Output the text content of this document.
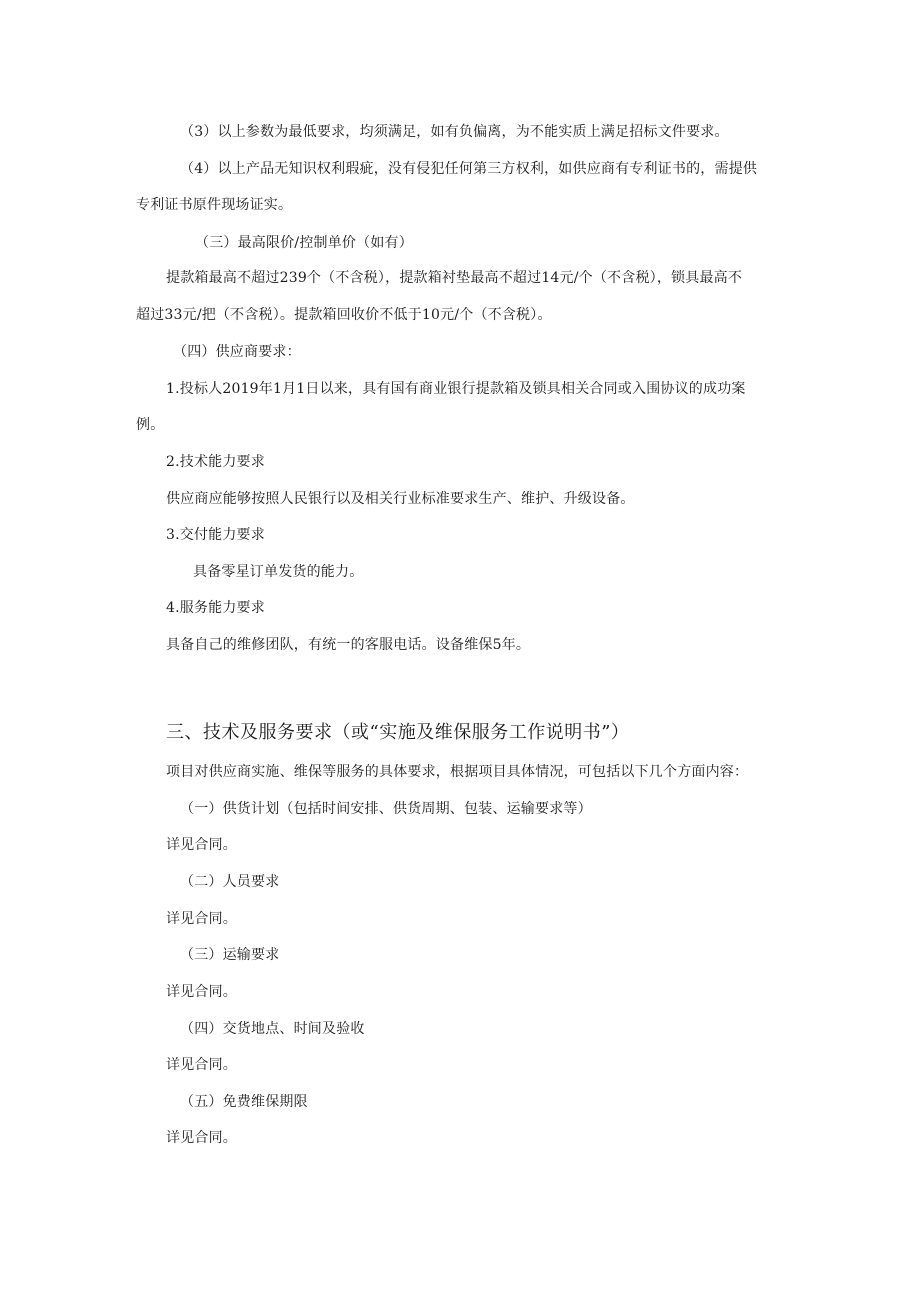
（3）以上参数为最低要求，均须满足，如有负偏离，为不能实质上满足招标文件要求。
（4）以上产品无知识权利瑕疵，没有侵犯任何第三方权利，如供应商有专利证书的，需提供
专利证书原件现场证实。
（三）最高限价/控制单价（如有）
提款箱最高不超过239个（不含税），提款箱衬垫最高不超过14元/个（不含税），锁具最高不
超过33元/把（不含税）。提款箱回收价不低于10元/个（不含税）。
（四）供应商要求：
1.投标人2019年1月1日以来，具有国有商业银行提款箱及锁具相关合同或入围协议的成功案
例。
2.技术能力要求
供应商应能够按照人民银行以及相关行业标准要求生产、维护、升级设备。
3.交付能力要求
具备零星订单发货的能力。
4.服务能力要求
具备自己的维修团队，有统一的客服电话。设备维保5年。
三、技术及服务要求（或“实施及维保服务工作说明书”）
项目对供应商实施、维保等服务的具体要求，根据项目具体情况，可包括以下几个方面内容：
（一）供货计划（包括时间安排、供货周期、包装、运输要求等）
详见合同。
（二）人员要求
详见合同。
（三）运输要求
详见合同。
（四）交货地点、时间及验收
详见合同。
（五）免费维保期限
详见合同。
